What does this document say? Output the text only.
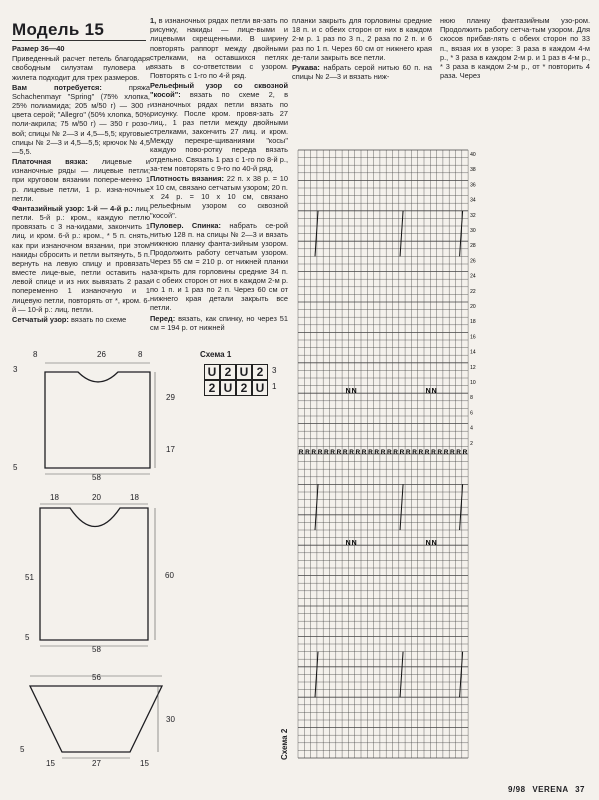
Модель 15

Размер 36—40

Приведенный расчет петель благодаря свободным силуэтам пуловера и жилета подходит для трех размеров.

Вам потребуется: пряжа Schachenmayr "Spring" (75% хлопка, 25% полиамида; 205 м/50 г) — 300 г цвета серой; "Allegro" (50% хлопка, 50% поли-акрила; 75 м/50 г) — 350 г розо-вой; спицы № 2—3 и 4,5—5,5; круговые спицы № 2—3 и 4,5—5,5; крючок № 4,5—5,5.

Платочная вязка: лицевые и изнаночные ряды — лицевые петли; при круговом вязании попере-менно 1 р. лицевые петли, 1 р. изна-ночные петли.

Фантазийный узор: 1-й — 4-й р.: лиц. петли. 5-й р.: кром., каждую петлю провязать с 3 на-кидами, закончить 1 лиц. и кром. 6-й р.: кром., * 5 п. снять, как при изнаночном вязании, при этом накиды сбросить и петли вытянуть, 5 п. вернуть на левую спицу и провязать вместе лице-вые, петли оставить на левой спице и из них вывязать 2 раза попеременно 1 изнаночную и 1 лицевую петли, повторять от *, кром. 6-й — 10-й р.: лиц. петли.

Сетчатый узор: вязать по схеме

1, в изнаночных рядах петли вя-зать по рисунку, накиды — лице-выми и лицевыми скрещенными. В ширину повторять раппорт между двойными стрелками, на оставшихся петлях вязать в со-ответствии с узором. Повторять с 1-го по 4-й ряд.

Рельефный узор со сквозной "косой": вязать по схеме 2, в изнаночных рядах петли вязать по рисунку. После кром. провя-зать 27 лиц., 1 раз петли между двойными стрелками, закончить 27 лиц. и кром. Между перекре-щиваниями "косы" каждую пово-ротку переда вязать отдельно. Связать 1 раз с 1-го по 8-й р., за-тем повторять с 9-го по 40-й ряд.

Плотность вязания: 22 п. х 38 р. = 10 х 10 см, связано сетчатым узором; 20 п. х 24 р. = 10 х 10 см, связано рельефным узором со сквозной "косой".

Пуловер. Спинка: набрать се-рой нитью 128 п. на спицы № 2—3 и вязать нижнюю планку фанта-зийным узором. Продолжить работу сетчатым узором. Через 55 см = 210 р. от нижней планки за-крыть для горловины средние 34 п. и с обеих сторон от них в каждом 2-м р. по 1 п. и 1 раз по 2 п. Через 60 см от нижнего края детали закрыть все петли.

Перед: вязать, как спинку, но через 51 см = 194 р. от нижней

планки закрыть для горловины средние 18 п. и с обеих сторон от них в каждом 2-м р. 1 раз по 3 п., 2 раза по 2 п. и 6 раз по 1 п. Через 60 см от нижнего края де-тали закрыть все петли.

Рукава: набрать серой нитью 60 п. на спицы № 2—3 и вязать ниж-

нюю планку фантазийным узо-ром. Продолжить работу сетча-тым узором. Для скосов прибав-лять с обеих сторон по 33 п., вязая их в узоре: 3 раза в каждом 4-м р., * 3 раза в каждом 2-м р. и 1 раз в 4-м р., * 3 раза в каждом 2-м р., от * повторить 4 раза. Через

8	26	8
3
29
17
5
58
18	20	18
51	60
5
58
56
30
5
15	27	15
Схема 1
U 2 U 2
2 U 2 U
3
1
40
38
36
34
32
30
28
26
24
22
20
18
16
14
12
10
8
6
4
2
N N	N N
N N	N N
R R R R R R R R R R R R R R R R R R R R R R R R R R R
Схема 2
9/98 VERENA 37
